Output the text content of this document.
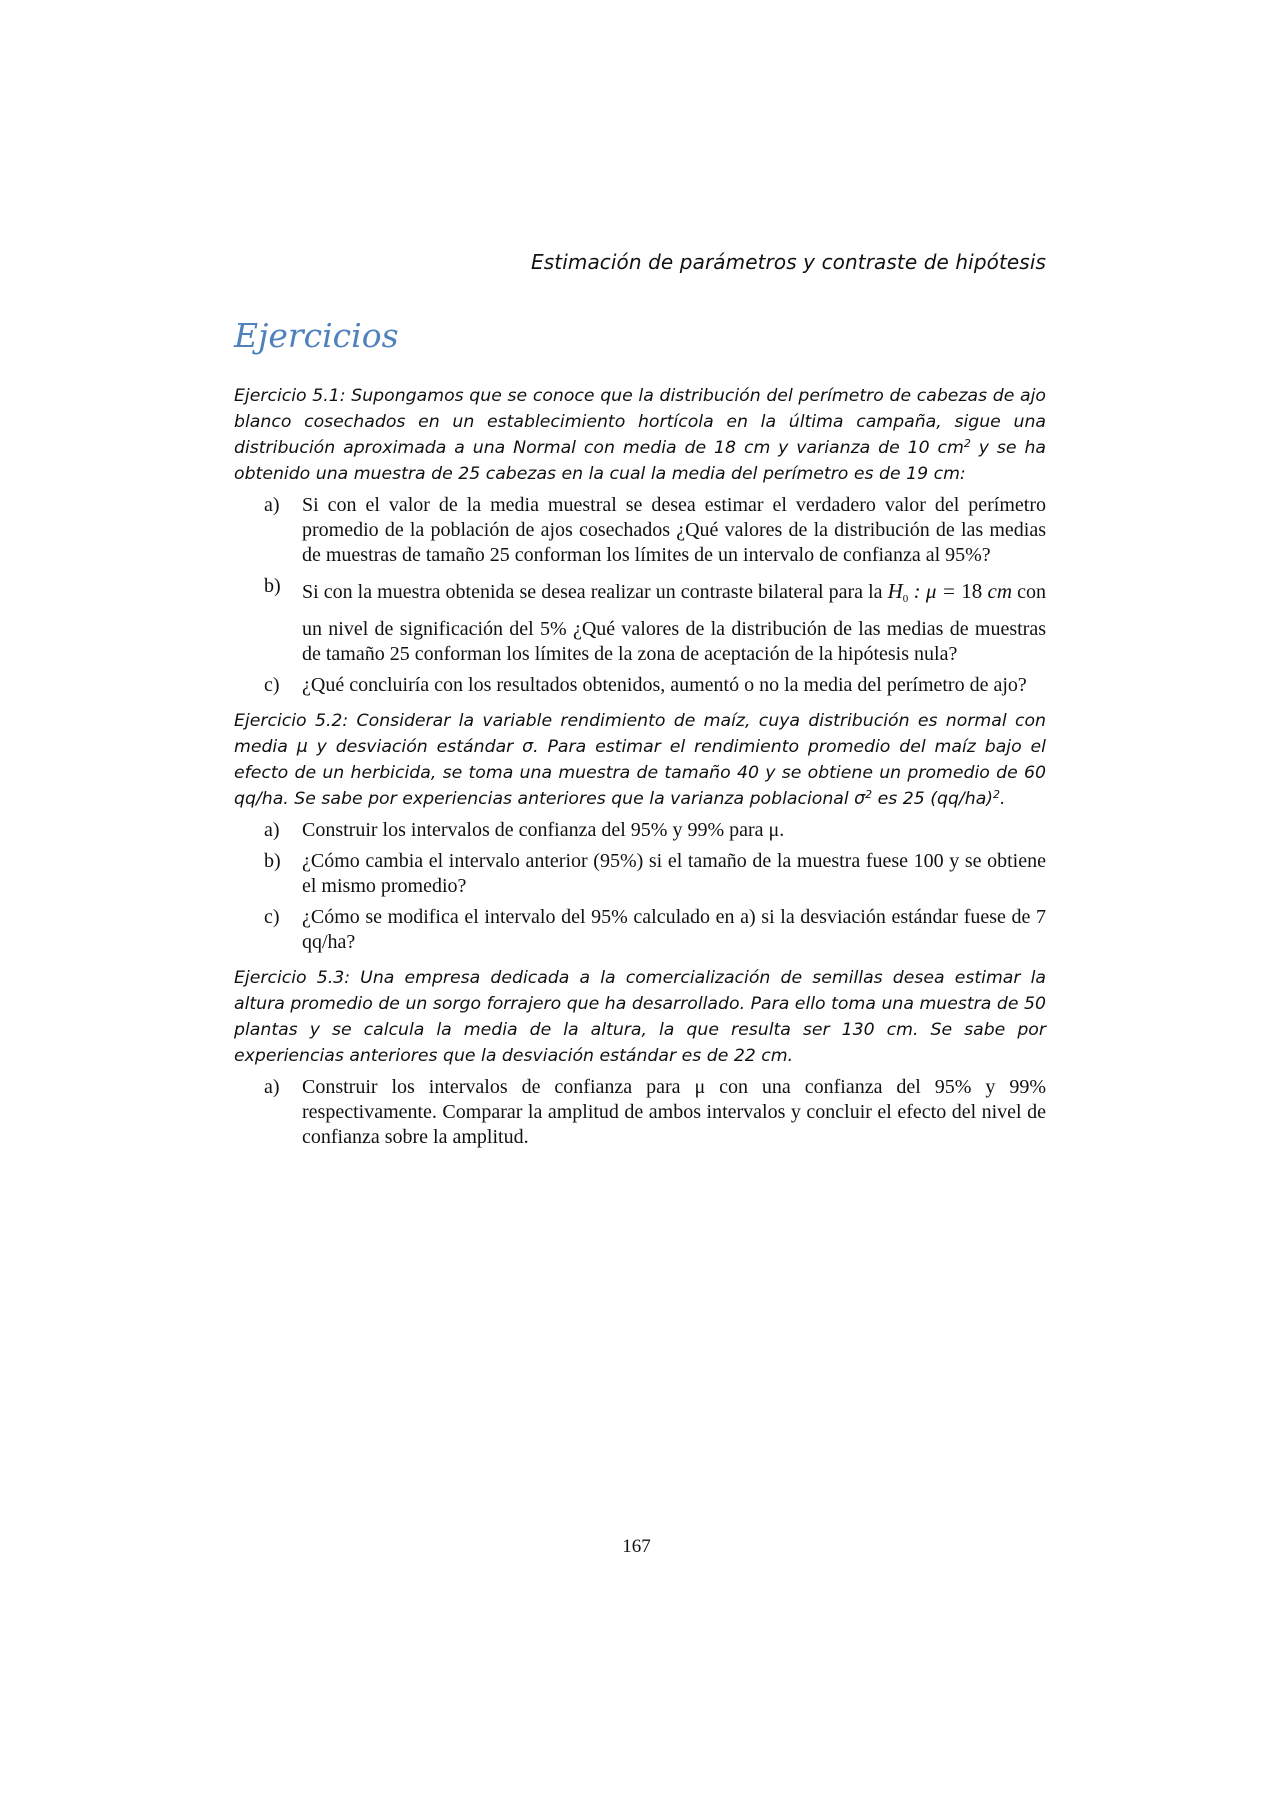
Estimación de parámetros y contraste de hipótesis
Ejercicios

Ejercicio 5.1: Supongamos que se conoce que la distribución del perímetro de cabezas de ajo blanco cosechados en un establecimiento hortícola en la última campaña, sigue una distribución aproximada a una Normal con media de 18 cm y varianza de 10 $cm^2$ y se ha obtenido una muestra de 25 cabezas en la cual la media del perímetro es de 19 cm:

a)	Si con el valor de la media muestral se desea estimar el verdadero valor del perímetro promedio de la población de ajos cosechados ¿Qué valores de la distribución de las medias de muestras de tamaño 25 conforman los límites de un intervalo de confianza al 95%?
b)	Si con la muestra obtenida se desea realizar un contraste bilateral para la $H_0$ : μ = 18 cm con un nivel de significación del 5% ¿Qué valores de la distribución de las medias de muestras de tamaño 25 conforman los límites de la zona de aceptación de la hipótesis nula?
c)	¿Qué concluiría con los resultados obtenidos, aumentó o no la media del perímetro de ajo?

Ejercicio 5.2: Considerar la variable rendimiento de maíz, cuya distribución es normal con media μ y desviación estándar σ. Para estimar el rendimiento promedio del maíz bajo el efecto de un herbicida, se toma una muestra de tamaño 40 y se obtiene un promedio de 60 qq/ha. Se sabe por experiencias anteriores que la varianza poblacional $\sigma^2$ es 25 $(qq/ha)^2$.

a)	Construir los intervalos de confianza del 95% y 99% para μ.
b)	¿Cómo cambia el intervalo anterior (95%) si el tamaño de la muestra fuese 100 y se obtiene el mismo promedio?
c)	¿Cómo se modifica el intervalo del 95% calculado en a) si la desviación estándar fuese de 7 qq/ha?

Ejercicio 5.3: Una empresa dedicada a la comercialización de semillas desea estimar la altura promedio de un sorgo forrajero que ha desarrollado. Para ello toma una muestra de 50 plantas y se calcula la media de la altura, la que resulta ser 130 cm. Se sabe por experiencias anteriores que la desviación estándar es de 22 cm.

a)	Construir los intervalos de confianza para μ con una confianza del 95% y 99% respectivamente. Comparar la amplitud de ambos intervalos y concluir el efecto del nivel de confianza sobre la amplitud.
167
